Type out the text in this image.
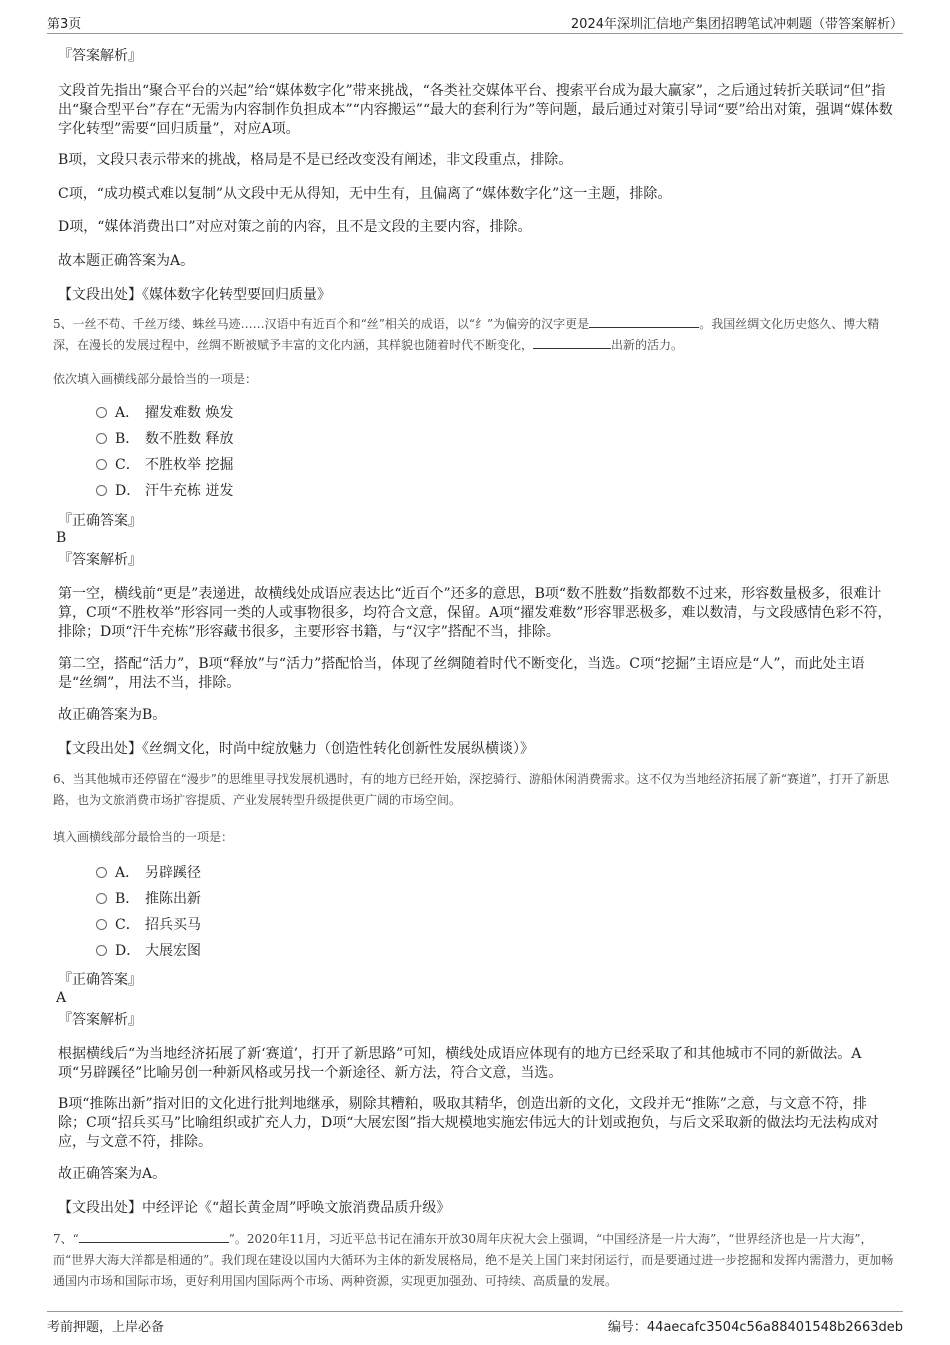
第3页	2024年深圳汇信地产集团招聘笔试冲刺题（带答案解析）
『答案解析』
文段首先指出“聚合平台的兴起”给“媒体数字化”带来挑战，“各类社交媒体平台、搜索平台成为最大赢家”，之后通过转折关联词“但”指出“聚合型平台”存在“无需为内容制作负担成本”“内容搬运”“最大的套利行为”等问题，最后通过对策引导词“要”给出对策，强调“媒体数字化转型”需要“回归质量”，对应A项。
B项，文段只表示带来的挑战，格局是不是已经改变没有阐述，非文段重点，排除。
C项，“成功模式难以复制”从文段中无从得知，无中生有，且偏离了“媒体数字化”这一主题，排除。
D项，“媒体消费出口”对应对策之前的内容，且不是文段的主要内容，排除。
故本题正确答案为A。
【文段出处】《媒体数字化转型要回归质量》
5、一丝不苟、千丝万缕、蛛丝马迹……汉语中有近百个和“丝”相关的成语，以“纟”为偏旁的汉字更是	。我国丝绸文化历史悠久、博大精深，在漫长的发展过程中，丝绸不断被赋予丰富的文化内涵，其样貌也随着时代不断变化，	出新的活力。
依次填入画横线部分最恰当的一项是：
A． 擢发难数 焕发
B． 数不胜数 释放
C． 不胜枚举 挖掘
D． 汗牛充栋 迸发
『正确答案』
B
『答案解析』
第一空，横线前“更是”表递进，故横线处成语应表达比“近百个”还多的意思，B项“数不胜数”指数都数不过来，形容数量极多，很难计算，C项“不胜枚举”形容同一类的人或事物很多，均符合文意，保留。A项“擢发难数”形容罪恶极多，难以数清，与文段感情色彩不符，排除；D项“汗牛充栋”形容藏书很多，主要形容书籍，与“汉字”搭配不当，排除。
第二空，搭配“活力”，B项“释放”与“活力”搭配恰当，体现了丝绸随着时代不断变化，当选。C项“挖掘”主语应是“人”，而此处主语是“丝绸”，用法不当，排除。
故正确答案为B。
【文段出处】《丝绸文化，时尚中绽放魅力（创造性转化创新性发展纵横谈）》
6、当其他城市还停留在“漫步”的思维里寻找发展机遇时，有的地方已经开始，深挖骑行、游船休闲消费需求。这不仅为当地经济拓展了新“赛道”，打开了新思路，也为文旅消费市场扩容提质、产业发展转型升级提供更广阔的市场空间。
填入画横线部分最恰当的一项是：
A． 另辟蹊径
B． 推陈出新
C． 招兵买马
D． 大展宏图
『正确答案』
A
『答案解析』
根据横线后“为当地经济拓展了新‘赛道’，打开了新思路”可知，横线处成语应体现有的地方已经采取了和其他城市不同的新做法。A项“另辟蹊径”比喻另创一种新风格或另找一个新途径、新方法，符合文意，当选。
B项“推陈出新”指对旧的文化进行批判地继承，剔除其糟粕，吸取其精华，创造出新的文化，文段并无“推陈”之意，与文意不符，排除；C项“招兵买马”比喻组织或扩充人力，D项“大展宏图”指大规模地实施宏伟远大的计划或抱负，与后文采取新的做法均无法构成对应，与文意不符，排除。
故正确答案为A。
【文段出处】中经评论《“超长黄金周”呼唤文旅消费品质升级》
7、“	”。2020年11月，习近平总书记在浦东开放30周年庆祝大会上强调，“中国经济是一片大海”，“世界经济也是一片大海”，而“世界大海大洋都是相通的”。我们现在建设以国内大循环为主体的新发展格局，绝不是关上国门来封闭运行，而是要通过进一步挖掘和发挥内需潜力，更加畅通国内市场和国际市场，更好利用国内国际两个市场、两种资源，实现更加强劲、可持续、高质量的发展。
考前押题，上岸必备	编号：44aecafc3504c56a88401548b2663deb
